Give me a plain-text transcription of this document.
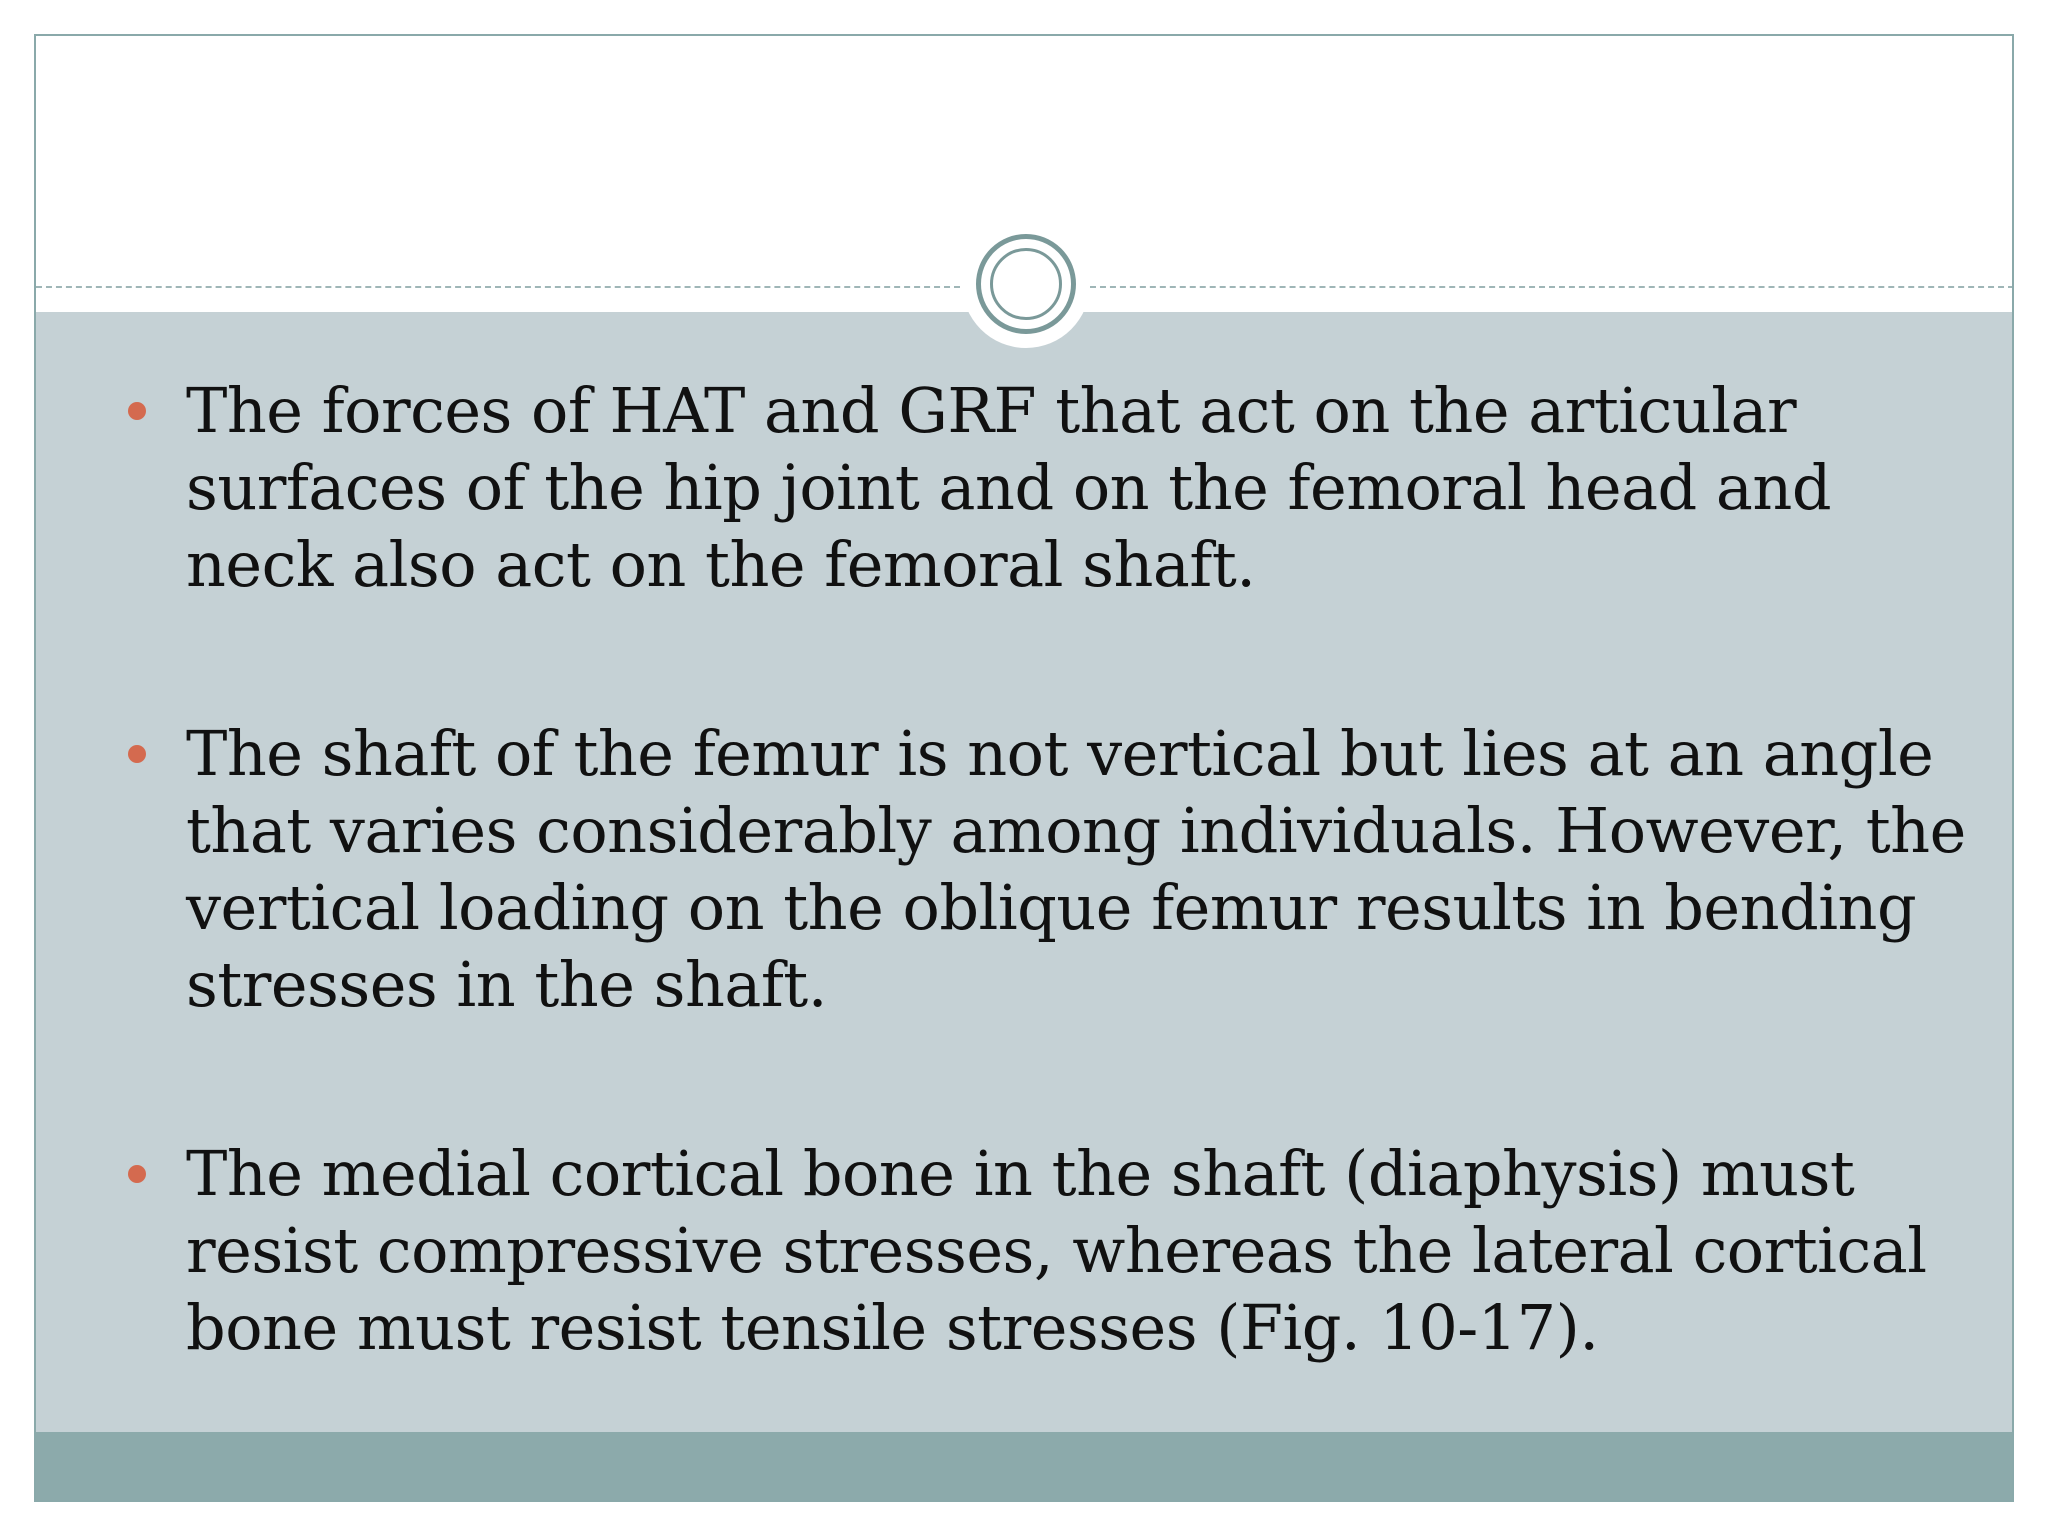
The forces of HAT and GRF that act on the articular surfaces of the hip joint and on the femoral head and neck also act on the femoral shaft.
The shaft of the femur is not vertical but lies at an angle that varies considerably among individuals. However, the vertical loading on the oblique femur results in bending stresses in the shaft.
The medial cortical bone in the shaft (diaphysis) must resist compressive stresses, whereas the lateral cortical bone must resist tensile stresses (Fig. 10-17).
